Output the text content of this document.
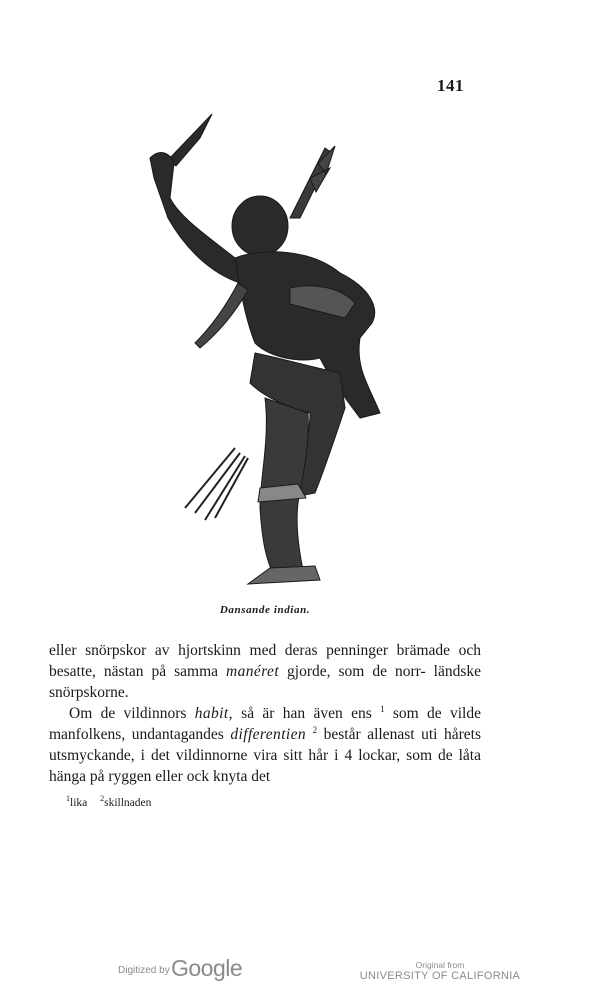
141
Dansande indian.

eller snörpskor av hjortskinn med deras penninger brämade och besatte, nästan på samma manéret gjorde, som de norr- ländske snörpskorne.

Om de vildinnors habit, så är han även ens $^1$ som de vilde manfolkens, undantagandes differentien $^2$ består allenast uti hårets utsmyckande, i det vildinnorne vira sitt hår i 4 lockar, som de låta hänga på ryggen eller ock knyta det

$^1$lika $^2$skillnaden
Digitized by Google	Original from
UNIVERSITY OF CALIFORNIA
